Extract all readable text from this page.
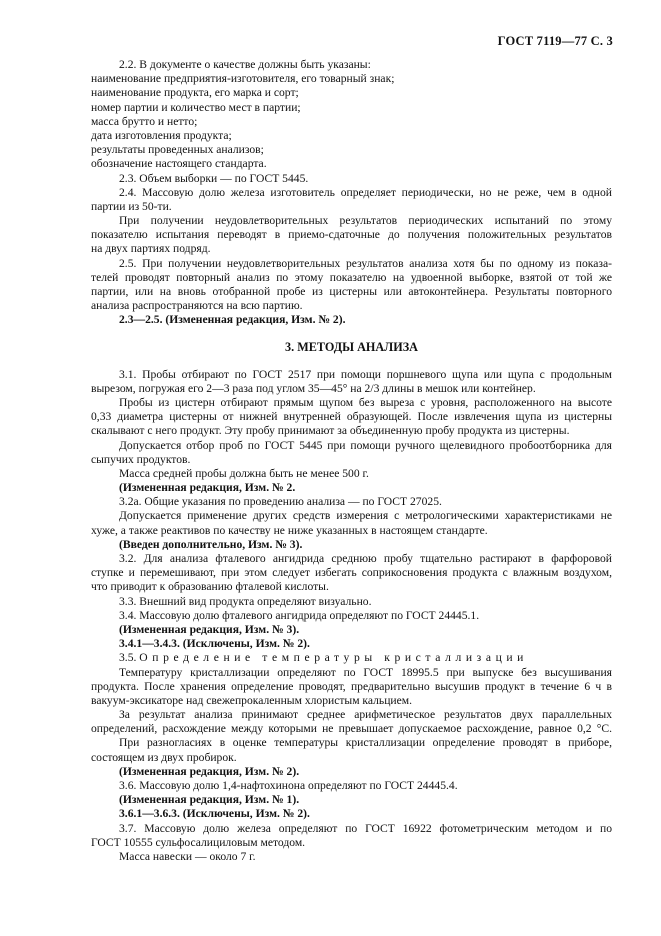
ГОСТ 7119—77 С. 3
2.2. В документе о качестве должны быть указаны:
наименование предприятия-изготовителя, его товарный знак;
наименование продукта, его марка и сорт;
номер партии и количество мест в партии;
масса брутто и нетто;
дата изготовления продукта;
результаты проведенных анализов;
обозначение настоящего стандарта.
2.3. Объем выборки — по ГОСТ 5445.
2.4. Массовую долю железа изготовитель определяет периодически, но не реже, чем в одной
партии из 50-ти.
При получении неудовлетворительных результатов периодических испытаний по этому
показателю испытания переводят в приемо-сдаточные до получения положительных результатов
на двух партиях подряд.
2.5. При получении неудовлетворительных результатов анализа хотя бы по одному из показа-
телей проводят повторный анализ по этому показателю на удвоенной выборке, взятой от той же
партии, или на вновь отобранной пробе из цистерны или автоконтейнера. Результаты повторного
анализа распространяются на всю партию.
2.3—2.5. (Измененная редакция, Изм. № 2).
3. МЕТОДЫ АНАЛИЗА
3.1. Пробы отбирают по ГОСТ 2517 при помощи поршневого щупа или щупа с продольным
вырезом, погружая его 2—3 раза под углом 35—45° на 2/3 длины в мешок или контейнер.
Пробы из цистерн отбирают прямым щупом без выреза с уровня, расположенного на высоте
0,33 диаметра цистерны от нижней внутренней образующей. После извлечения щупа из цистерны
скалывают с него продукт. Эту пробу принимают за объединенную пробу продукта из цистерны.
Допускается отбор проб по ГОСТ 5445 при помощи ручного щелевидного пробоотборника для
сыпучих продуктов.
Масса средней пробы должна быть не менее 500 г.
(Измененная редакция, Изм. № 2.
3.2а. Общие указания по проведению анализа — по ГОСТ 27025.
Допускается применение других средств измерения с метрологическими характеристиками не
хуже, а также реактивов по качеству не ниже указанных в настоящем стандарте.
(Введен дополнительно, Изм. № 3).
3.2. Для анализа фталевого ангидрида среднюю пробу тщательно растирают в фарфоровой
ступке и перемешивают, при этом следует избегать соприкосновения продукта с влажным воздухом,
что приводит к образованию фталевой кислоты.
3.3. Внешний вид продукта определяют визуально.
3.4. Массовую долю фталевого ангидрида определяют по ГОСТ 24445.1.
(Измененная редакция, Изм. № 3).
3.4.1—3.4.3. (Исключены, Изм. № 2).
3.5. Определение температуры кристаллизации
Температуру кристаллизации определяют по ГОСТ 18995.5 при выпуске без высушивания
продукта. После хранения определение проводят, предварительно высушив продукт в течение 6 ч в
вакуум-эксикаторе над свежепрокаленным хлористым кальцием.
За результат анализа принимают среднее арифметическое результатов двух параллельных
определений, расхождение между которыми не превышает допускаемое расхождение, равное 0,2 °С.
При разногласиях в оценке температуры кристаллизации определение проводят в приборе,
состоящем из двух пробирок.
(Измененная редакция, Изм. № 2).
3.6. Массовую долю 1,4-нафтохинона определяют по ГОСТ 24445.4.
(Измененная редакция, Изм. № 1).
3.6.1—3.6.3. (Исключены, Изм. № 2).
3.7. Массовую долю железа определяют по ГОСТ 16922 фотометрическим методом и по
ГОСТ 10555 сульфосалициловым методом.
Масса навески — около 7 г.
